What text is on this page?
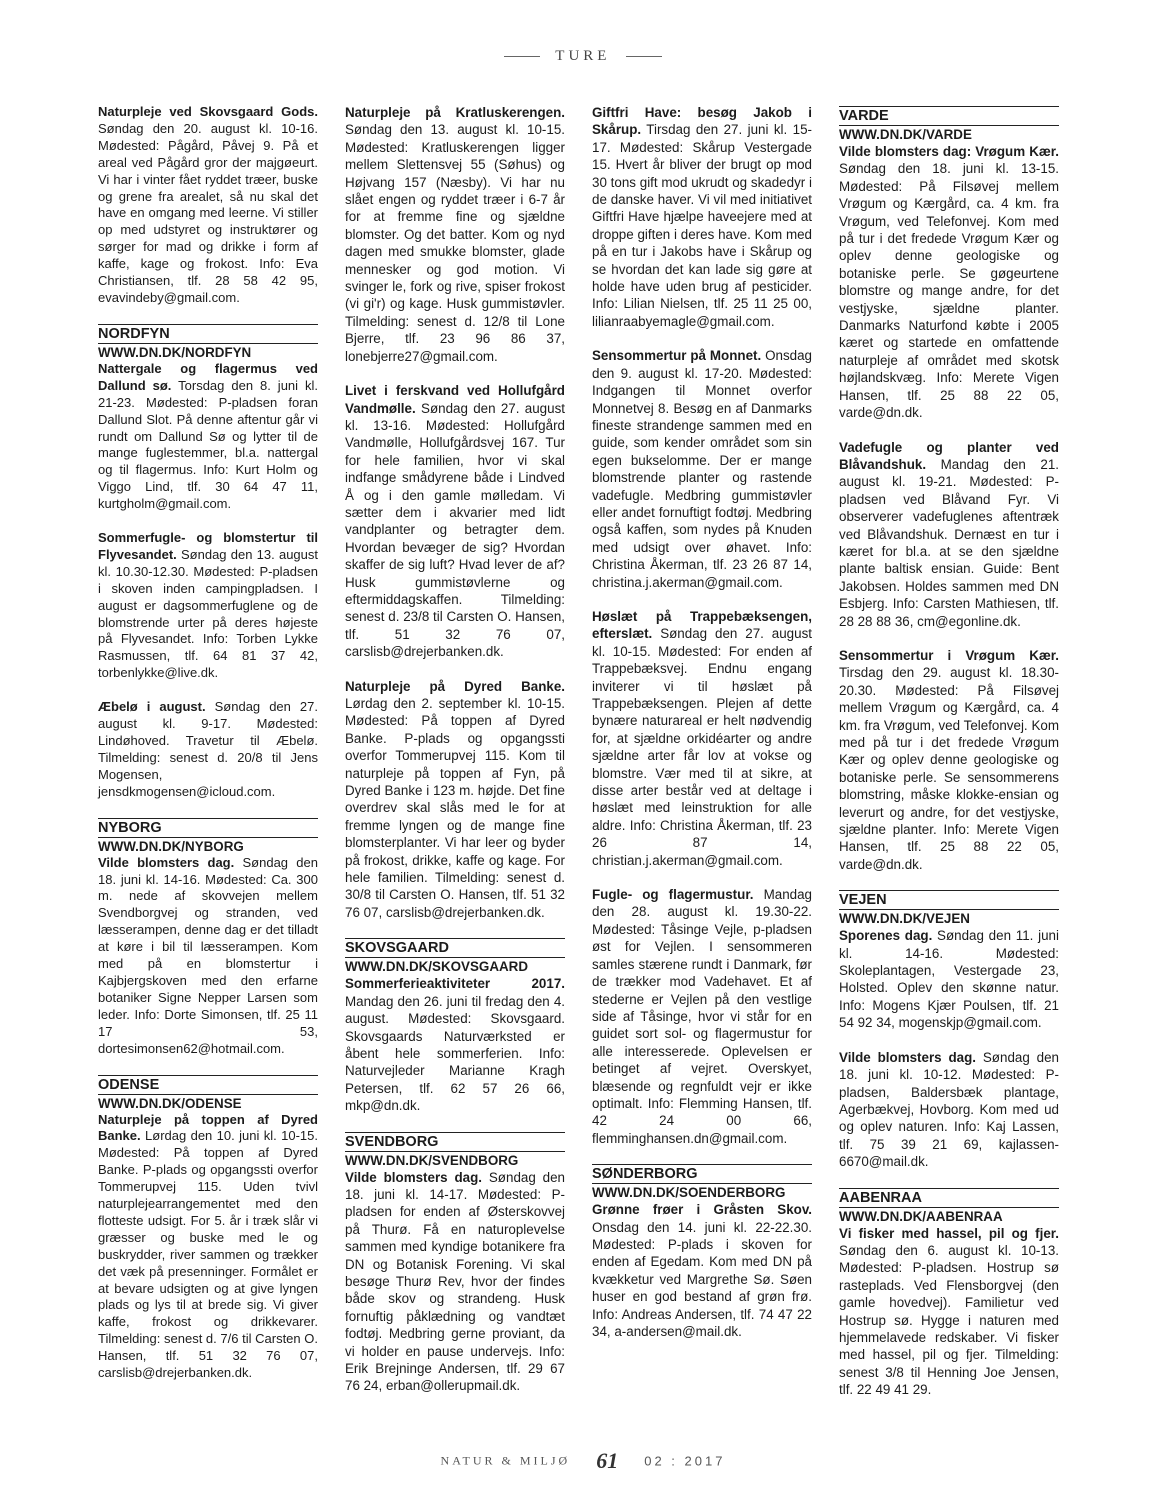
TURE
Naturpleje ved Skovsgaard Gods. Søndag den 20. august kl. 10-16. Mødested: Pågård, Påvej 9. På et areal ved Pågård gror der majgøeurt. Vi har i vinter fået ryddet træer, buske og grene fra arealet, så nu skal det have en omgang med leerne. Vi stiller op med udstyret og instruktører og sørger for mad og drikke i form af kaffe, kage og frokost. Info: Eva Christiansen, tlf. 28 58 42 95, evavindeby@gmail.com.
NORDFYN
WWW.DN.DK/NORDFYN
Nattergale og flagermus ved Dallund sø. Torsdag den 8. juni kl. 21-23. Mødested: P-pladsen foran Dallund Slot. På denne aftentur går vi rundt om Dallund Sø og lytter til de mange fuglestemmer, bl.a. nattergal og til flagermus. Info: Kurt Holm og Viggo Lind, tlf. 30 64 47 11, kurtgholm@gmail.com.
Sommerfugle- og blomstertur til Flyvesandet. Søndag den 13. august kl. 10.30-12.30. Mødested: P-pladsen i skoven inden campingpladsen. I august er dagsommerfuglene og de blomstrende urter på deres højeste på Flyvesandet. Info: Torben Lykke Rasmussen, tlf. 64 81 37 42, torbenlykke@live.dk.
Æbelø i august. Søndag den 27. august kl. 9-17. Mødested: Lindøhoved. Travetur til Æbelø. Tilmelding: senest d. 20/8 til Jens Mogensen, jensdkmogensen@icloud.com.
NYBORG
WWW.DN.DK/NYBORG
Vilde blomsters dag. Søndag den 18. juni kl. 14-16. Mødested: Ca. 300 m. nede af skovvejen mellem Svendborgvej og stranden, ved læsserampen, denne dag er det tilladt at køre i bil til læsserampen. Kom med på en blomstertur i Kajbjergskoven med den erfarne botaniker Signe Nepper Larsen som leder. Info: Dorte Simonsen, tlf. 25 11 17 53, dortesimonsen62@hotmail.com.
ODENSE
WWW.DN.DK/ODENSE
Naturpleje på toppen af Dyred Banke. Lørdag den 10. juni kl. 10-15. Mødested: På toppen af Dyred Banke. P-plads og opgangssti overfor Tommerupvej 115. Uden tvivl naturplejearrangementet med den flotteste udsigt. For 5. år i træk slår vi græsser og buske med le og buskrydder, river sammen og trækker det væk på presenninger. Formålet er at bevare udsigten og at give lyngen plads og lys til at brede sig. Vi giver kaffe, frokost og drikkevarer. Tilmelding: senest d. 7/6 til Carsten O. Hansen, tlf. 51 32 76 07, carslisb@drejerbanken.dk.
Naturpleje på Kratluskerengen. Søndag den 13. august kl. 10-15. Mødested: Kratluskerengen ligger mellem Slettensvej 55 (Søhus) og Højvang 157 (Næsby). Vi har nu slået engen og ryddet træer i 6-7 år for at fremme fine og sjældne blomster. Og det batter. Kom og nyd dagen med smukke blomster, glade mennesker og god motion. Vi svinger le, fork og rive, spiser frokost (vi gi'r) og kage. Husk gummistøvler. Tilmelding: senest d. 12/8 til Lone Bjerre, tlf. 23 96 86 37, lonebjerre27@gmail.com.
Livet i ferskvand ved Hollufgård Vandmølle. Søndag den 27. august kl. 13-16. Mødested: Hollufgård Vandmølle, Hollufgårdsvej 167. Tur for hele familien, hvor vi skal indfange smådyrene både i Lindved Å og i den gamle mølledam. Vi sætter dem i akvarier med lidt vandplanter og betragter dem. Hvordan bevæger de sig? Hvordan skaffer de sig luft? Hvad lever de af? Husk gummistøvlerne og eftermiddagskaffen. Tilmelding: senest d. 23/8 til Carsten O. Hansen, tlf. 51 32 76 07, carslisb@drejerbanken.dk.
Naturpleje på Dyred Banke. Lørdag den 2. september kl. 10-15. Mødested: På toppen af Dyred Banke. P-plads og opgangssti overfor Tommerupvej 115. Kom til naturpleje på toppen af Fyn, på Dyred Banke i 123 m. højde. Det fine overdrev skal slås med le for at fremme lyngen og de mange fine blomsterplanter. Vi har leer og byder på frokost, drikke, kaffe og kage. For hele familien. Tilmelding: senest d. 30/8 til Carsten O. Hansen, tlf. 51 32 76 07, carslisb@drejerbanken.dk.
SKOVSGAARD
WWW.DN.DK/SKOVSGAARD
Sommerferieaktiviteter 2017. Mandag den 26. juni til fredag den 4. august. Mødested: Skovsgaard. Skovsgaards Naturværksted er åbent hele sommerferien. Info: Naturvejleder Marianne Kragh Petersen, tlf. 62 57 26 66, mkp@dn.dk.
SVENDBORG
WWW.DN.DK/SVENDBORG
Vilde blomsters dag. Søndag den 18. juni kl. 14-17. Mødested: P-pladsen for enden af Østerskovvej på Thurø. Få en naturoplevelse sammen med kyndige botanikere fra DN og Botanisk Forening. Vi skal besøge Thurø Rev, hvor der findes både skov og strandeng. Husk fornuftig påklædning og vandtæt fodtøj. Medbring gerne proviant, da vi holder en pause undervejs. Info: Erik Brejninge Andersen, tlf. 29 67 76 24, erban@ollerupmail.dk.
Giftfri Have: besøg Jakob i Skårup. Tirsdag den 27. juni kl. 15-17. Mødested: Skårup Vestergade 15. Hvert år bliver der brugt op mod 30 tons gift mod ukrudt og skadedyr i de danske haver. Vi vil med initiativet Giftfri Have hjælpe haveejere med at droppe giften i deres have. Kom med på en tur i Jakobs have i Skårup og se hvordan det kan lade sig gøre at holde have uden brug af pesticider. Info: Lilian Nielsen, tlf. 25 11 25 00, lilianraabyemagle@gmail.com.
Sensommertur på Monnet. Onsdag den 9. august kl. 17-20. Mødested: Indgangen til Monnet overfor Monnetvej 8. Besøg en af Danmarks fineste strandenge sammen med en guide, som kender området som sin egen bukselomme. Der er mange blomstrende planter og rastende vadefugle. Medbring gummistøvler eller andet fornuftigt fodtøj. Medbring også kaffen, som nydes på Knuden med udsigt over øhavet. Info: Christina Åkerman, tlf. 23 26 87 14, christina.j.akerman@gmail.com.
Høslæt på Trappebæksengen, efterslæt. Søndag den 27. august kl. 10-15. Mødested: For enden af Trappebæksvej. Endnu engang inviterer vi til høslæt på Trappebæksengen. Plejen af dette bynære naturareal er helt nødvendig for, at sjældne orkidéarter og andre sjældne arter får lov at vokse og blomstre. Vær med til at sikre, at disse arter består ved at deltage i høslæt med leinstruktion for alle aldre. Info: Christina Åkerman, tlf. 23 26 87 14, christian.j.akerman@gmail.com.
Fugle- og flagermustur. Mandag den 28. august kl. 19.30-22. Mødested: Tåsinge Vejle, p-pladsen øst for Vejlen. I sensommeren samles stærene rundt i Danmark, før de trækker mod Vadehavet. Et af stederne er Vejlen på den vestlige side af Tåsinge, hvor vi står for en guidet sort sol- og flagermustur for alle interesserede. Oplevelsen er betinget af vejret. Overskyet, blæsende og regnfuldt vejr er ikke optimalt. Info: Flemming Hansen, tlf. 42 24 00 66, flemminghansen.dn@gmail.com.
SØNDERBORG
WWW.DN.DK/SOENDERBORG
Grønne frøer i Gråsten Skov. Onsdag den 14. juni kl. 22-22.30. Mødested: P-plads i skoven for enden af Egedam. Kom med DN på kvækketur ved Margrethe Sø. Søen huser en god bestand af grøn frø. Info: Andreas Andersen, tlf. 74 47 22 34, a-andersen@mail.dk.
VARDE
WWW.DN.DK/VARDE
Vilde blomsters dag: Vrøgum Kær. Søndag den 18. juni kl. 13-15. Mødested: På Filsøvej mellem Vrøgum og Kærgård, ca. 4 km. fra Vrøgum, ved Telefonvej. Kom med på tur i det fredede Vrøgum Kær og oplev denne geologiske og botaniske perle. Se gøgeurtene blomstre og mange andre, for det vestjyske, sjældne planter. Danmarks Naturfond købte i 2005 kæret og startede en omfattende naturpleje af området med skotsk højlandskvæg. Info: Merete Vigen Hansen, tlf. 25 88 22 05, varde@dn.dk.
Vadefugle og planter ved Blåvandshuk. Mandag den 21. august kl. 19-21. Mødested: P-pladsen ved Blåvand Fyr. Vi observerer vadefuglenes aftentræk ved Blåvandshuk. Dernæst en tur i kæret for bl.a. at se den sjældne plante baltisk ensian. Guide: Bent Jakobsen. Holdes sammen med DN Esbjerg. Info: Carsten Mathiesen, tlf. 28 28 88 36, cm@egonline.dk.
Sensommertur i Vrøgum Kær. Tirsdag den 29. august kl. 18.30-20.30. Mødested: På Filsøvej mellem Vrøgum og Kærgård, ca. 4 km. fra Vrøgum, ved Telefonvej. Kom med på tur i det fredede Vrøgum Kær og oplev denne geologiske og botaniske perle. Se sensommerens blomstring, måske klokke-ensian og leverurt og andre, for det vestjyske, sjældne planter. Info: Merete Vigen Hansen, tlf. 25 88 22 05, varde@dn.dk.
VEJEN
WWW.DN.DK/VEJEN
Sporenes dag. Søndag den 11. juni kl. 14-16. Mødested: Skoleplantagen, Vestergade 23, Holsted. Oplev den skønne natur. Info: Mogens Kjær Poulsen, tlf. 21 54 92 34, mogenskjp@gmail.com.
Vilde blomsters dag. Søndag den 18. juni kl. 10-12. Mødested: P-pladsen, Baldersbæk plantage, Agerbækvej, Hovborg. Kom med ud og oplev naturen. Info: Kaj Lassen, tlf. 75 39 21 69, kajlassen-6670@mail.dk.
AABENRAA
WWW.DN.DK/AABENRAA
Vi fisker med hassel, pil og fjer. Søndag den 6. august kl. 10-13. Mødested: P-pladsen. Hostrup sø rasteplads. Ved Flensborgvej (den gamle hovedvej). Familietur ved Hostrup sø. Hygge i naturen med hjemmelavede redskaber. Vi fisker med hassel, pil og fjer. Tilmelding: senest 3/8 til Henning Joe Jensen, tlf. 22 49 41 29.
NATUR & MILJØ 61 02 : 2017
